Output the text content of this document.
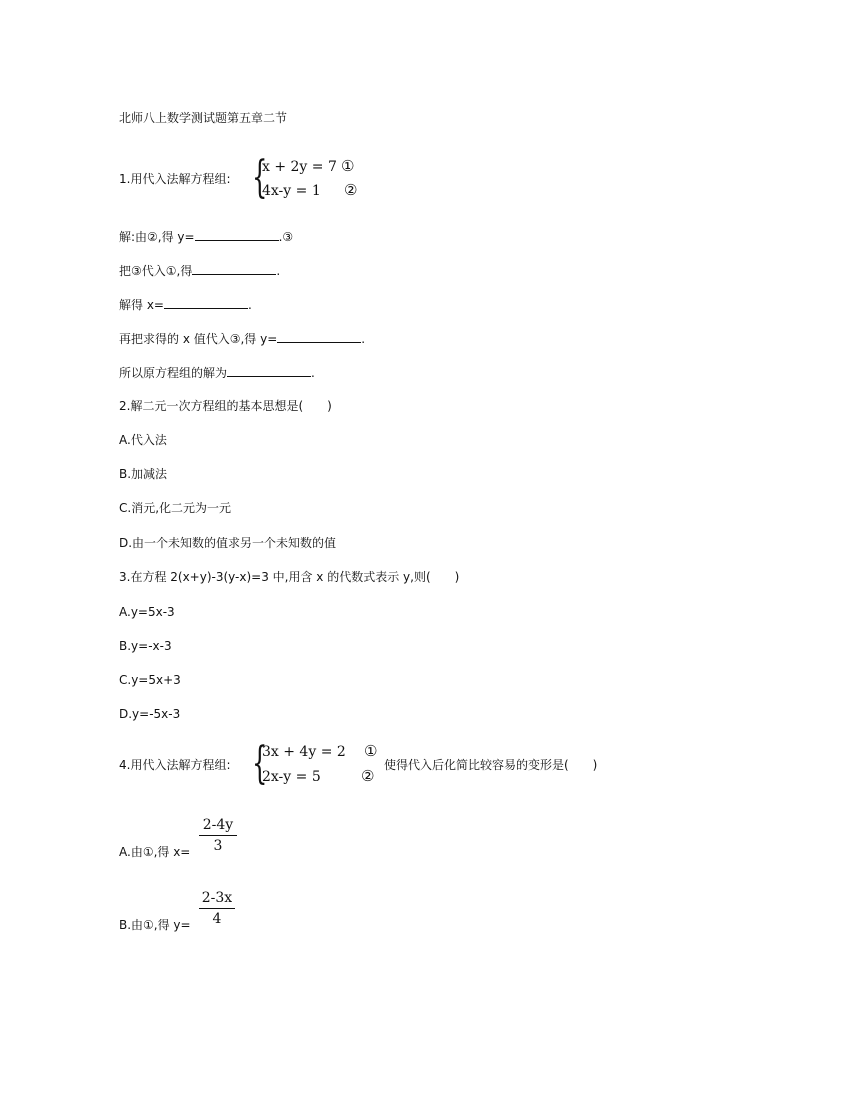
北师八上数学测试题第五章二节
1.用代入法解方程组: {
x + 2y = 7
4x-y = 1
①
②
解:由②,得 y=	.③
把③代入①,得	.
解得 x=	.
再把求得的 x 值代入③,得 y=	.
所以原方程组的解为	.
2.解二元一次方程组的基本思想是(　　)
A.代入法
B.加减法
C.消元,化二元为一元
D.由一个未知数的值求另一个未知数的值
3.在方程 2(x+y)-3(y-x)=3 中,用含 x 的代数式表示 y,则(　　)
A.y=5x-3
B.y=-x-3
C.y=5x+3
D.y=-5x-3
4.用代入法解方程组: {
3x + 4y = 2
2x-y = 5
①
②
使得代入后化简比较容易的变形是(　　)
A.由①,得 x=
2-4y
3
B.由①,得 y=
2-3x
4
